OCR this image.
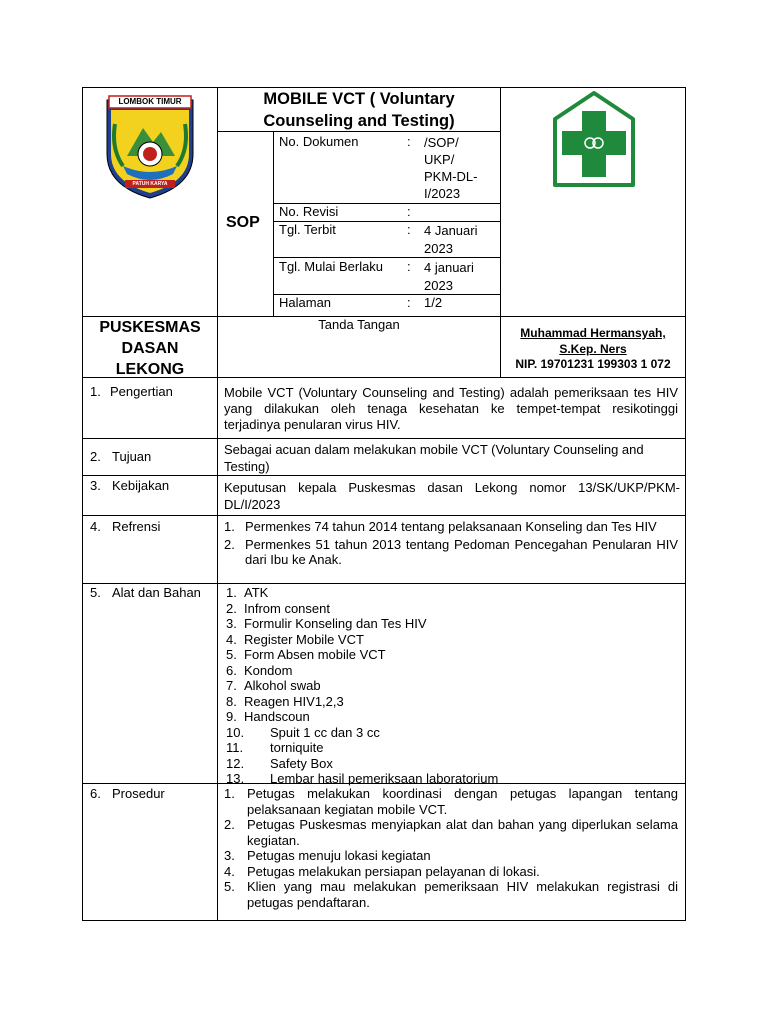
LOMBOK TIMUR
PATUH KARYA
MOBILE VCT ( Voluntary Counseling and Testing)
SOP
No. Dokumen	: /SOP/ UKP/ PKM-DL- I/2023
No. Revisi	:
Tgl. Terbit	: 4 Januari 2023
Tgl. Mulai Berlaku : 4 januari 2023
Halaman	: 1/2
PUSKESMAS DASAN LEKONG
Tanda Tangan
Muhammad Hermansyah, S.Kep. Ners
NIP. 19701231 199303 1 072
1. Pengertian	Mobile VCT (Voluntary Counseling and Testing) adalah pemeriksaan tes HIV yang dilakukan oleh tenaga kesehatan ke tempet-tempat resikotinggi terjadinya penularan virus HIV.
2. Tujuan	Sebagai acuan dalam melakukan mobile VCT (Voluntary Counseling and Testing)
3. Kebijakan	Keputusan kepala Puskesmas dasan Lekong nomor 13/SK/UKP/PKM-DL/I/2023
4. Refrensi	1. Permenkes 74 tahun 2014 tentang pelaksanaan Konseling dan Tes HIV
2. Permenkes 51 tahun 2013 tentang Pedoman Pencegahan Penularan HIV dari Ibu ke Anak.
5. Alat dan Bahan 1. ATK
2. Infrom consent
3. Formulir Konseling dan Tes HIV
4. Register Mobile VCT
5. Form Absen mobile VCT
6. Kondom
7. Alkohol swab
8. Reagen HIV1,2,3
9. Handscoun
10. Spuit 1 cc dan 3 cc
11. torniquite
12. Safety Box
13. Lembar hasil pemeriksaan laboratorium
6. Prosedur	1. Petugas melakukan koordinasi dengan petugas lapangan tentang pelaksanaan kegiatan mobile VCT.
2. Petugas Puskesmas menyiapkan alat dan bahan yang diperlukan selama kegiatan.
3. Petugas menuju lokasi kegiatan
4. Petugas melakukan persiapan pelayanan di lokasi.
5. Klien yang mau melakukan pemeriksaan HIV melakukan registrasi di petugas pendaftaran.
